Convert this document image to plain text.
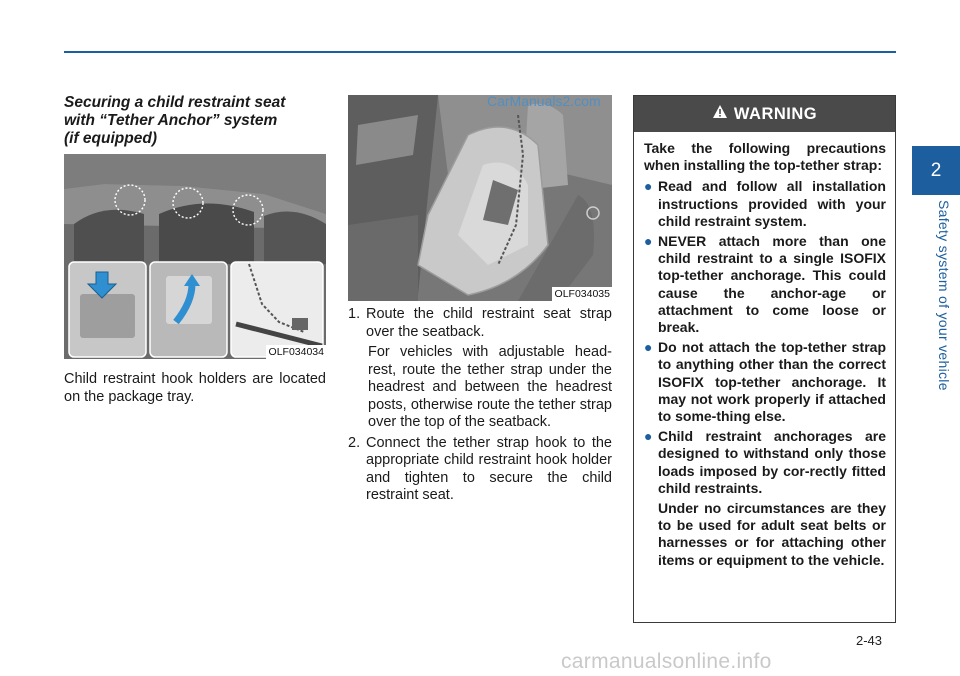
Securing a child restraint seat
with “Tether Anchor” system
(if equipped)
OLF034034
Child restraint hook holders are located on the package tray.
OLF034035
CarManuals2.com
1. Route the child restraint seat strap over the seatback.
For vehicles with adjustable head-rest, route the tether strap under the headrest and between the headrest posts, otherwise route the tether strap over the top of the seatback.
2. Connect the tether strap hook to the appropriate child restraint hook holder and tighten to secure the child restraint seat.
WARNING
Take the following precautions when installing the top-tether strap:
● Read and follow all installation instructions provided with your child restraint system.
● NEVER attach more than one child restraint to a single ISOFIX top-tether anchorage. This could cause the anchor-age or attachment to come loose or break.
● Do not attach the top-tether strap to anything other than the correct ISOFIX top-tether anchorage. It may not work properly if attached to some-thing else.
● Child restraint anchorages are designed to withstand only those loads imposed by cor-rectly fitted child restraints.
Under no circumstances are they to be used for adult seat belts or harnesses or for attaching other items or equipment to the vehicle.
2
Safety system of your vehicle
2-43
carmanualsonline.info
